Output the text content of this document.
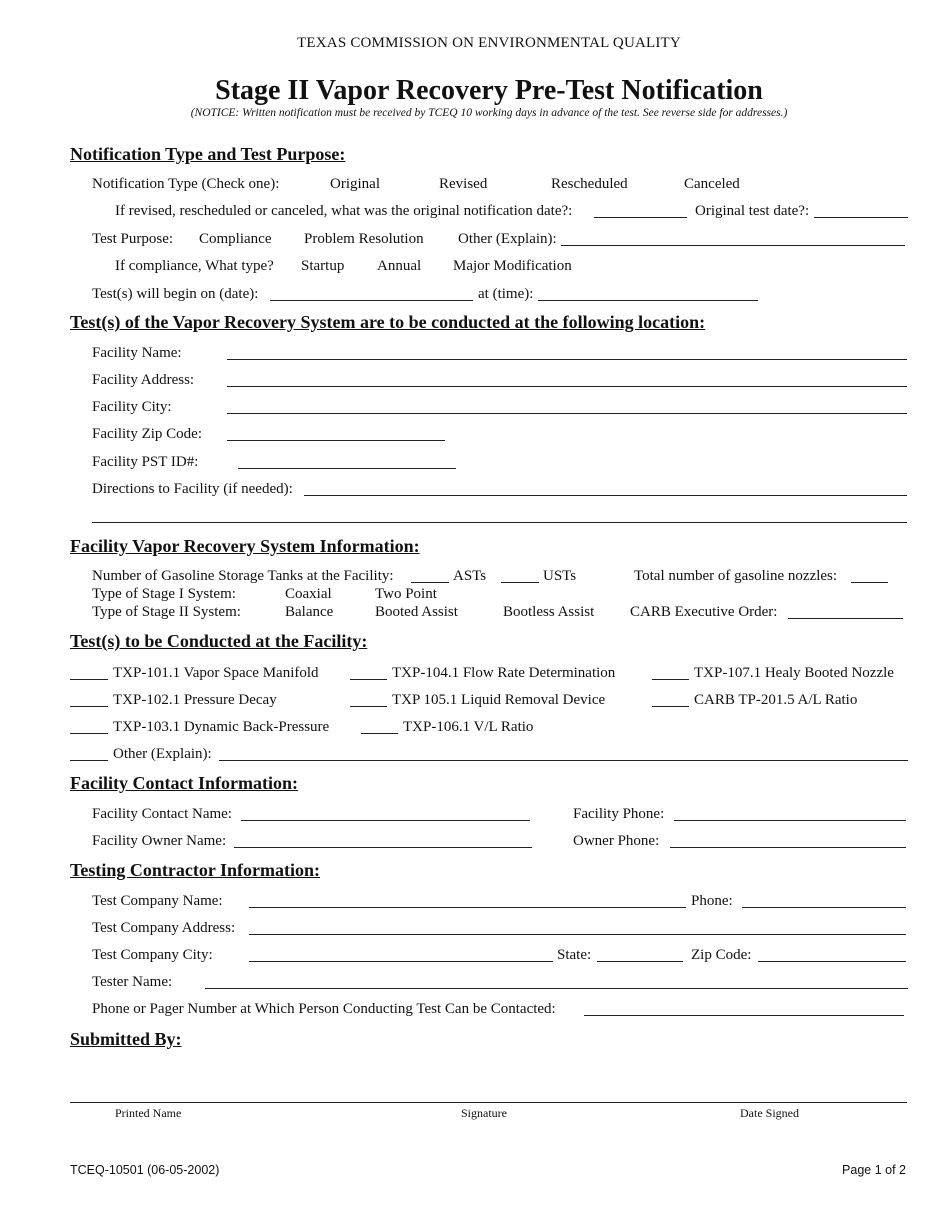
TEXAS COMMISSION ON ENVIRONMENTAL QUALITY
Stage II Vapor Recovery Pre-Test Notification
(NOTICE: Written notification must be received by TCEQ 10 working days in advance of the test. See reverse side for addresses.)
Notification Type and Test Purpose:
Notification Type (Check one):	Original	Revised	Rescheduled	Canceled
If revised, rescheduled or canceled, what was the original notification date?:	Original test date?:
Test Purpose: Compliance Problem Resolution Other (Explain):
If compliance, What type? Startup Annual Major Modification
Test(s) will begin on (date):	at (time):
Test(s) of the Vapor Recovery System are to be conducted at the following location:
Facility Name:
Facility Address:
Facility City:
Facility Zip Code:
Facility PST ID#:
Directions to Facility (if needed):
Facility Vapor Recovery System Information:
Number of Gasoline Storage Tanks at the Facility:	ASTs	USTs	Total number of gasoline nozzles:
Type of Stage I System:	Coaxial	Two Point
Type of Stage II System:	Balance	Booted Assist	Bootless Assist CARB Executive Order:
Test(s) to be Conducted at the Facility:
TXP-101.1 Vapor Space Manifold	TXP-104.1 Flow Rate Determination	TXP-107.1 Healy Booted Nozzle
TXP-102.1 Pressure Decay	TXP 105.1 Liquid Removal Device	CARB TP-201.5 A/L Ratio
TXP-103.1 Dynamic Back-Pressure	TXP-106.1 V/L Ratio
Other (Explain):
Facility Contact Information:
Facility Contact Name:	Facility Phone:
Facility Owner Name:	Owner Phone:
Testing Contractor Information:
Test Company Name:	Phone:
Test Company Address:
Test Company City:	State:	Zip Code:
Tester Name:
Phone or Pager Number at Which Person Conducting Test Can be Contacted:
Submitted By:
Printed Name	Signature	Date Signed
TCEQ-10501 (06-05-2002)	Page 1 of 2
